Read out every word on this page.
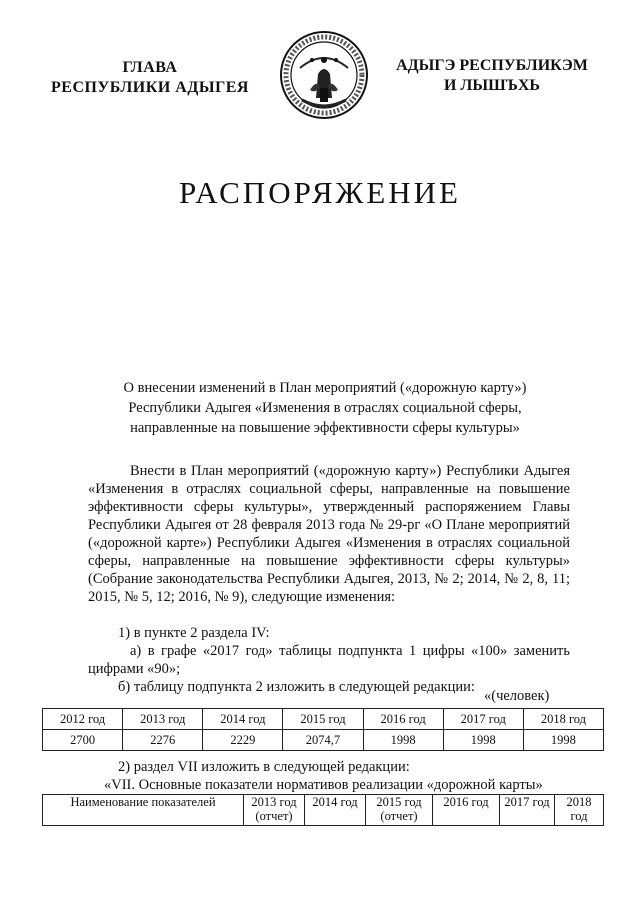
ГЛАВА
РЕСПУБЛИКИ АДЫГЕЯ
АДЫГЭ РЕСПУБЛИКЭМ
И ЛЫШЪХЬ
РАСПОРЯЖЕНИЕ
О внесении изменений в План мероприятий («дорожную карту») Республики Адыгея «Изменения в отраслях социальной сферы, направленные на повышение эффективности сферы культуры»
Внести в План мероприятий («дорожную карту») Республики Адыгея «Изменения в отраслях социальной сферы, направленные на повышение эффективности сферы культуры», утвержденный распоряжением Главы Республики Адыгея от 28 февраля 2013 года № 29-рг «О Плане мероприятий («дорожной карте») Республики Адыгея «Изменения в отраслях социальной сферы, направленные на повышение эффективности сферы культуры» (Собрание законодательства Республики Адыгея, 2013, № 2; 2014, № 2, 8, 11; 2015, № 5, 12; 2016, № 9), следующие изменения:
1) в пункте 2 раздела IV:
а) в графе «2017 год» таблицы подпункта 1 цифры «100» заменить цифрами «90»;
б) таблицу подпункта 2 изложить в следующей редакции:
«(человек)
2012 год	2013 год	2014 год	2015 год	2016 год	2017 год	2018 год
2700	2276	2229	2074,7	1998	1998	1998
2) раздел VII изложить в следующей редакции:
«VII. Основные показатели нормативов реализации «дорожной карты»
Наименование показателей	2013 год (отчет)	2014 год	2015 год (отчет)	2016 год	2017 год	2018 год
